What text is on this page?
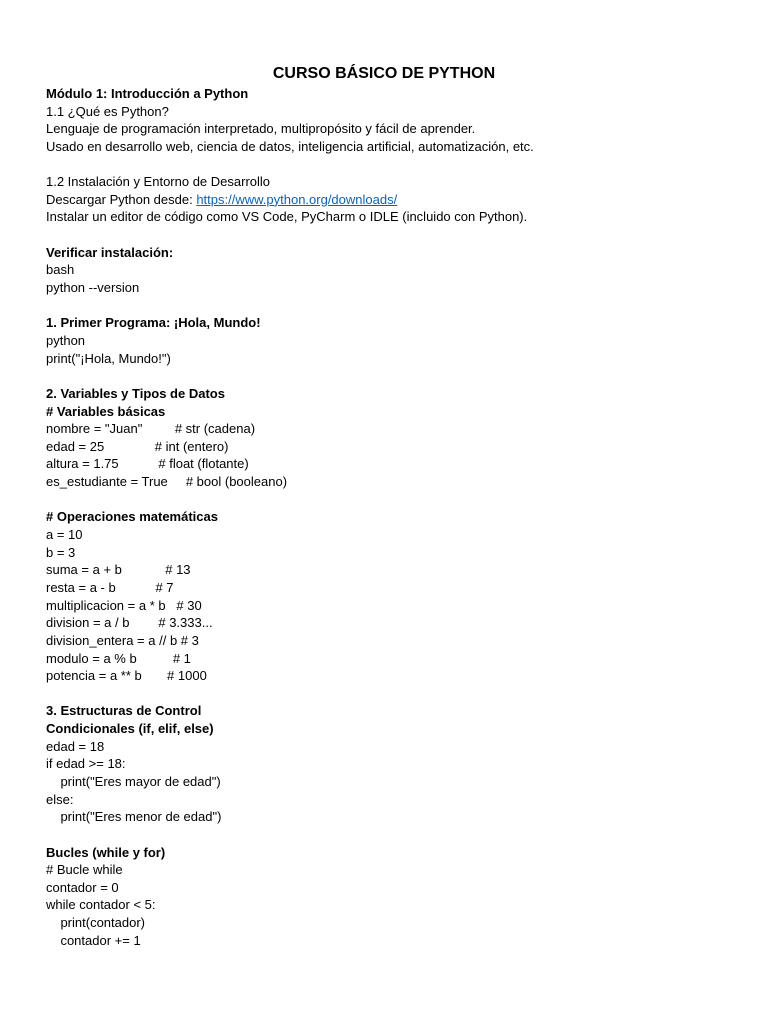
CURSO BÁSICO DE PYTHON
Módulo 1: Introducción a Python
1.1 ¿Qué es Python?
Lenguaje de programación interpretado, multipropósito y fácil de aprender.
Usado en desarrollo web, ciencia de datos, inteligencia artificial, automatización, etc.
1.2 Instalación y Entorno de Desarrollo
Descargar Python desde: https://www.python.org/downloads/
Instalar un editor de código como VS Code, PyCharm o IDLE (incluido con Python).
Verificar instalación:
bash
python --version
1. Primer Programa: ¡Hola, Mundo!
python
print("¡Hola, Mundo!")
2. Variables y Tipos de Datos
# Variables básicas
nombre = "Juan"         # str (cadena)
edad = 25              # int (entero)
altura = 1.75           # float (flotante)
es_estudiante = True     # bool (booleano)
# Operaciones matemáticas
a = 10
b = 3
suma = a + b            # 13
resta = a - b           # 7
multiplicacion = a * b   # 30
division = a / b        # 3.333...
division_entera = a // b # 3
modulo = a % b          # 1
potencia = a ** b       # 1000
3. Estructuras de Control
Condicionales (if, elif, else)
edad = 18
if edad >= 18:
print("Eres mayor de edad")
else:
print("Eres menor de edad")
Bucles (while y for)
# Bucle while
contador = 0
while contador < 5:
print(contador)
contador += 1
